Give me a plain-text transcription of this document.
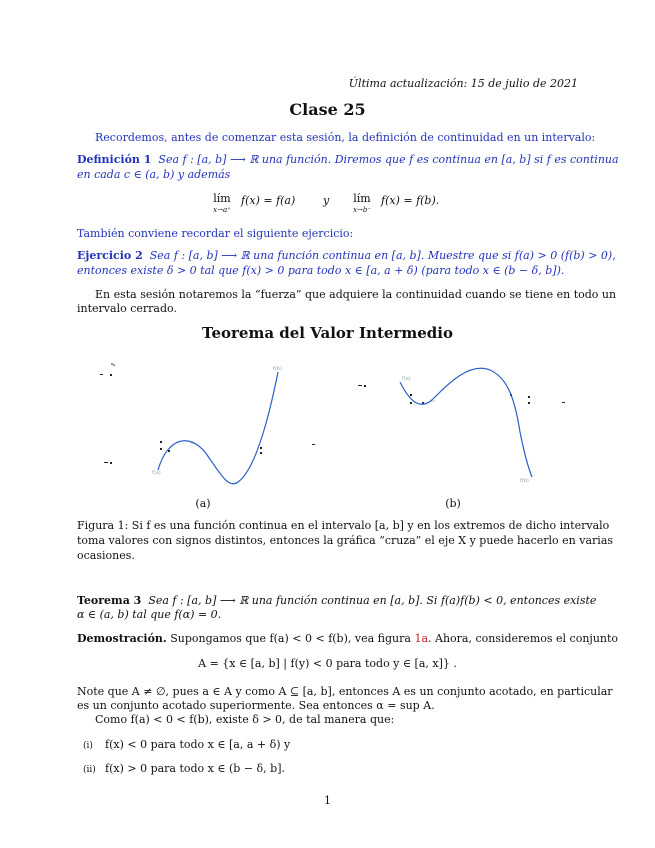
Última actualización: 15 de julio de 2021
Clase 25
Recordemos, antes de comenzar esta sesión, la definición de continuidad en un intervalo:
Definición 1 Sea f : [a, b] ⟶ ℝ una función. Diremos que f es continua en [a, b] si f es continua
en cada c ∈ (a, b) y además
lím
x→a⁺
f(x) = f(a)	y	lím
x→b⁻
f(x) = f(b).
También conviene recordar el siguiente ejercicio:
Ejercicio 2 Sea f : [a, b] ⟶ ℝ una función continua en [a, b]. Muestre que si f(a) > 0 (f(b) > 0),
entonces existe δ > 0 tal que f(x) > 0 para todo x ∈ [a, a + δ) (para todo x ∈ (b − δ, b]).
En esta sesión notaremos la “fuerza” que adquiere la continuidad cuando se tiene en todo un
intervalo cerrado.
Teorema del Valor Intermedio
x₁
f(b)
f(a)
(a)
f(a)
x₁
f(b)
(b)
Figura 1: Si f es una función continua en el intervalo [a, b] y en los extremos de dicho intervalo
toma valores con signos distintos, entonces la gráfica “cruza” el eje X y puede hacerlo en varias
ocasiones.
Teorema 3 Sea f : [a, b] ⟶ ℝ una función continua en [a, b]. Si f(a)f(b) < 0, entonces existe
α ∈ (a, b) tal que f(α) = 0.
Demostración. Supongamos que f(a) < 0 < f(b), vea figura 1a. Ahora, consideremos el conjunto
A = {x ∈ [a, b] | f(y) < 0 para todo y ∈ [a, x]} .
Note que A ≠ ∅, pues a ∈ A y como A ⊆ [a, b], entonces A es un conjunto acotado, en particular
es un conjunto acotado superiormente. Sea entonces α = sup A.
Como f(a) < 0 < f(b), existe δ > 0, de tal manera que:
(i) f(x) < 0 para todo x ∈ [a, a + δ) y
(ii) f(x) > 0 para todo x ∈ (b − δ, b].
1
